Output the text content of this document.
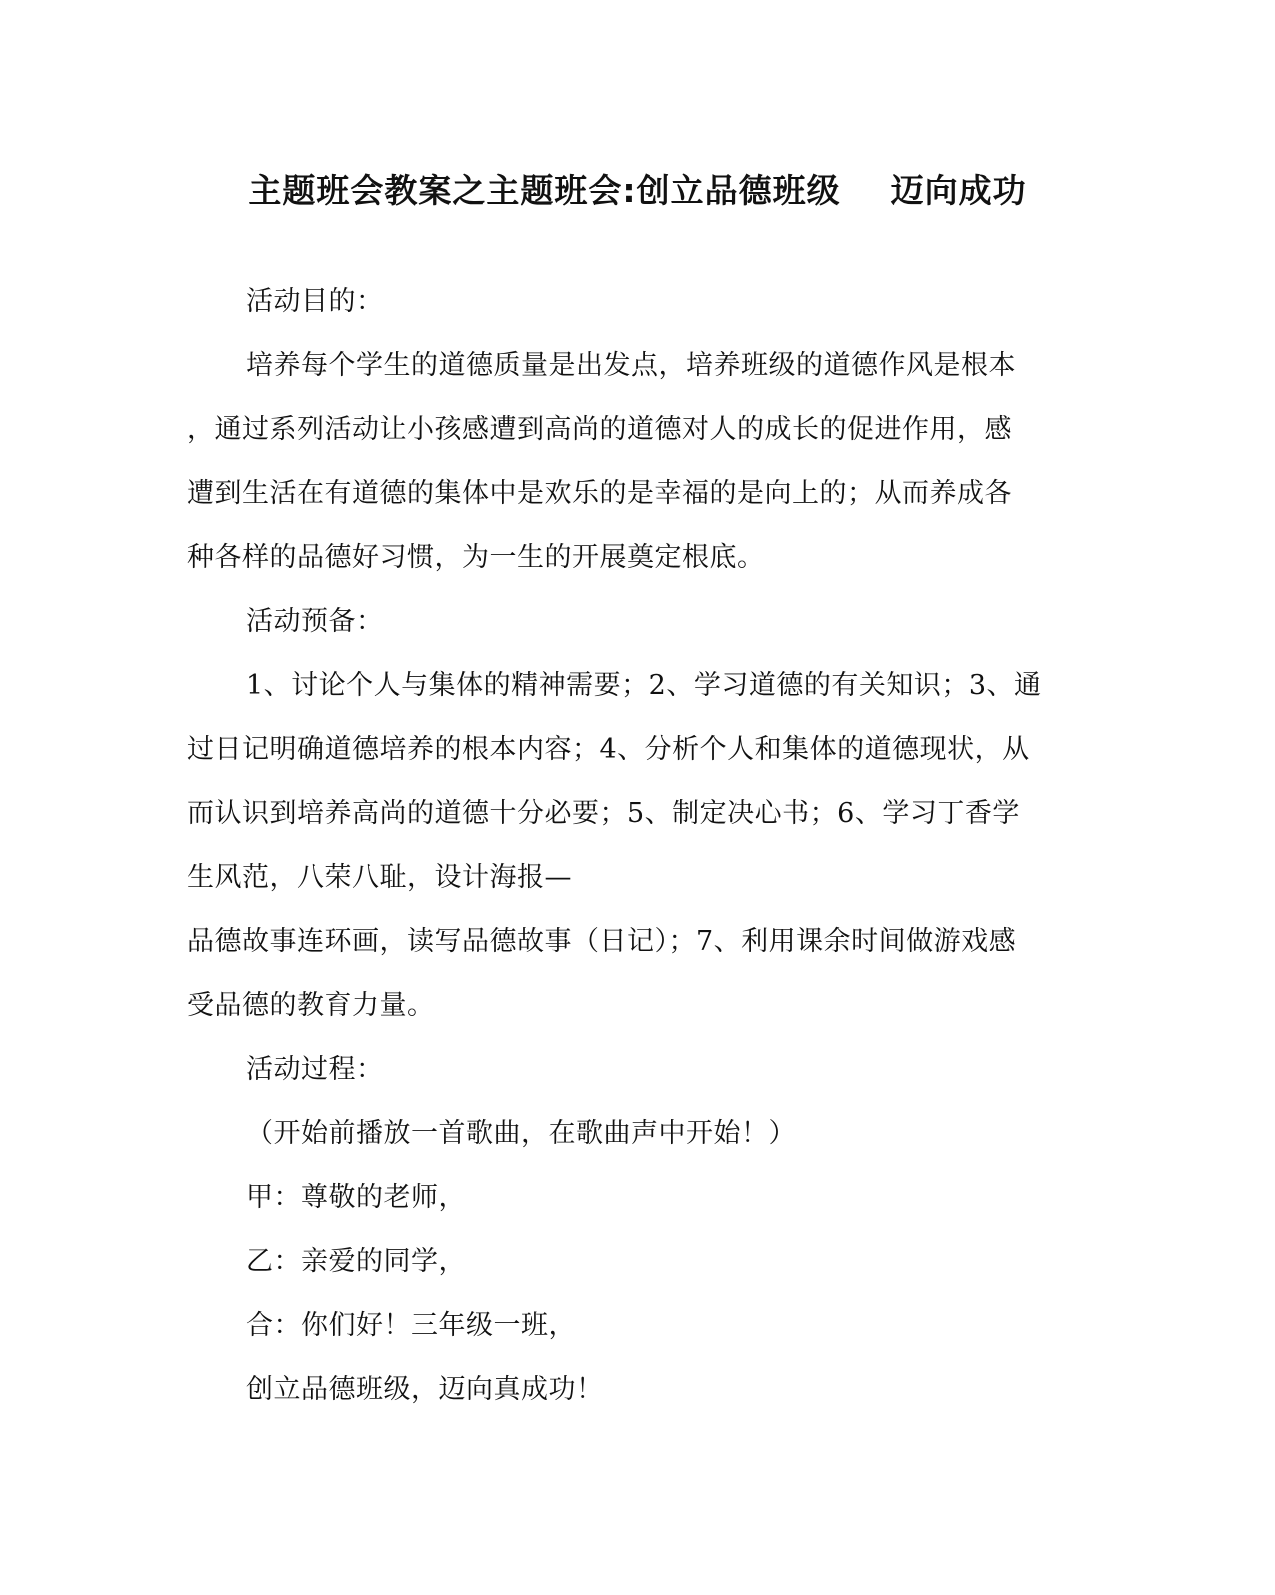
主题班会教案之主题班会:创立品德班级    迈向成功
活动目的：
培养每个学生的道德质量是出发点，培养班级的道德作风是根本
，通过系列活动让小孩感遭到高尚的道德对人的成长的促进作用，感
遭到生活在有道德的集体中是欢乐的是幸福的是向上的；从而养成各
种各样的品德好习惯，为一生的开展奠定根底。
活动预备：
1、讨论个人与集体的精神需要；2、学习道德的有关知识；3、通
过日记明确道德培养的根本内容；4、分析个人和集体的道德现状，从
而认识到培养高尚的道德十分必要；5、制定决心书；6、学习丁香学
生风范，八荣八耻，设计海报—
品德故事连环画，读写品德故事（日记）；7、利用课余时间做游戏感
受品德的教育力量。
活动过程：
（开始前播放一首歌曲，在歌曲声中开始！）
甲：尊敬的老师，
乙：亲爱的同学，
合：你们好！三年级一班，
创立品德班级，迈向真成功！
